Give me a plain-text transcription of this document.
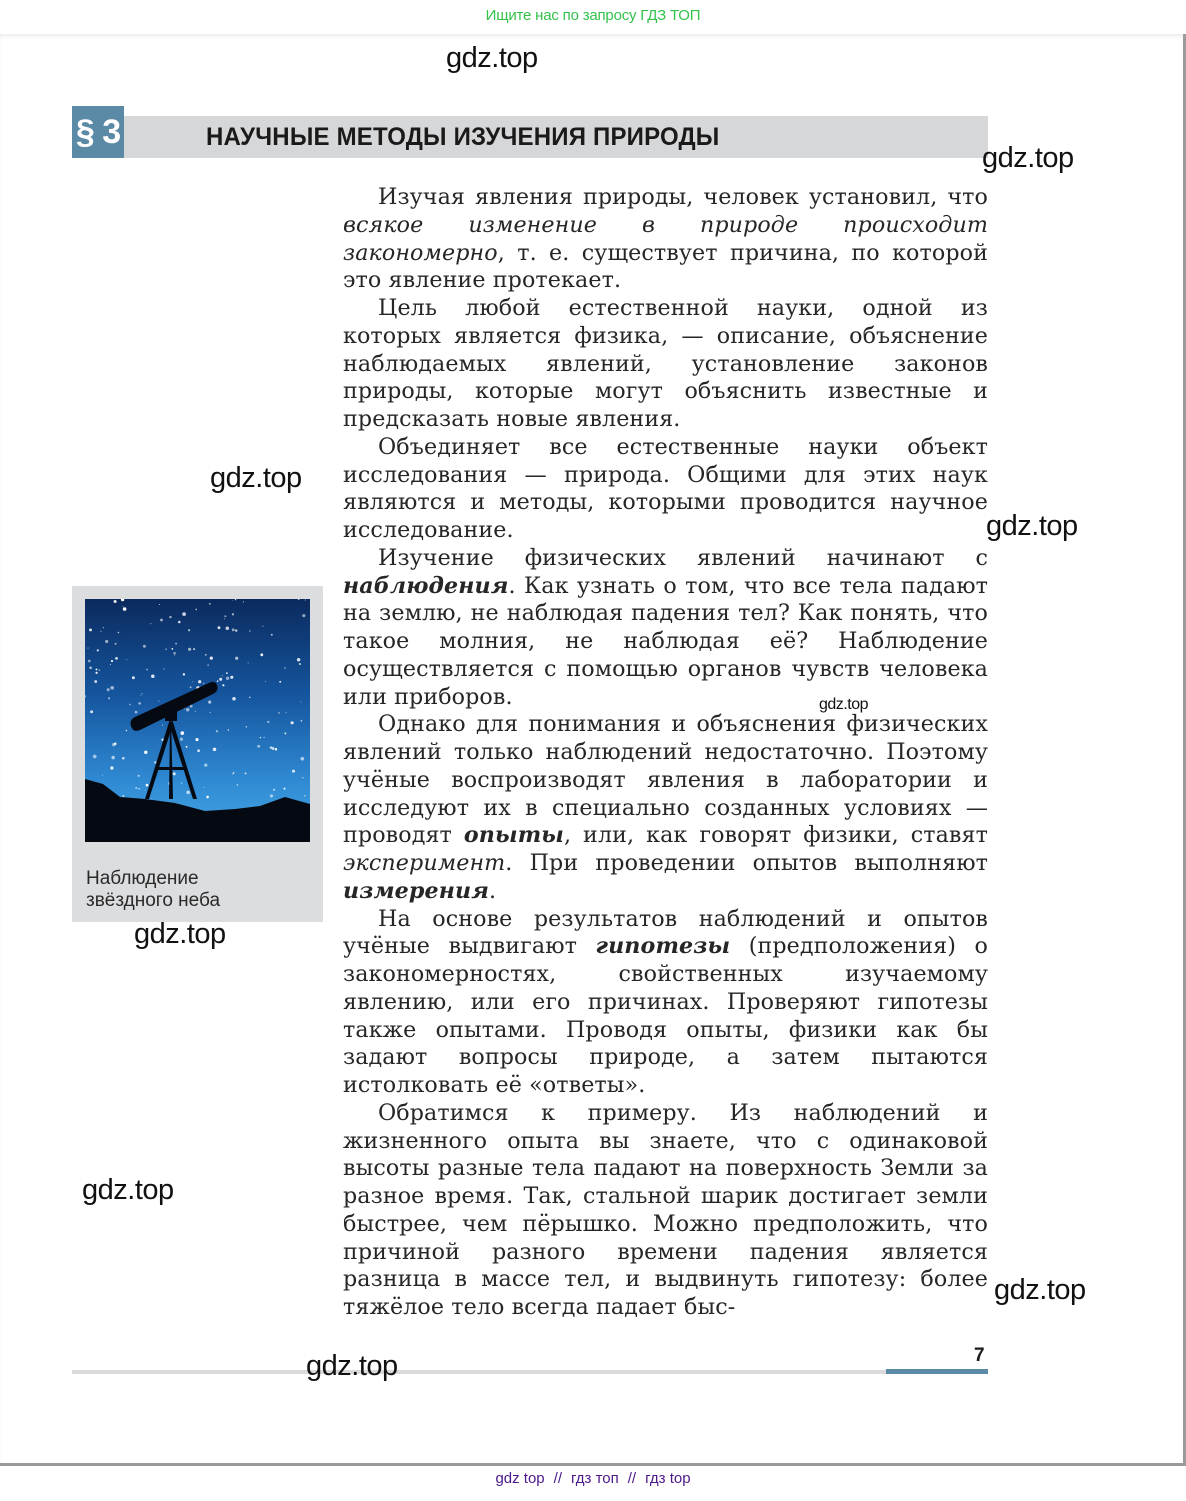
Ищите нас по запросу ГДЗ ТОП
§ 3	НАУЧНЫЕ МЕТОДЫ ИЗУЧЕНИЯ ПРИРОДЫ

Изучая явления природы, человек установил, что всякое изменение в природе происходит закономерно, т. е. существует причина, по которой это явление протекает.

Цель любой естественной науки, одной из которых является физика, — описание, объяснение наблюдаемых явлений, установление законов природы, которые могут объяснить известные и предсказать новые явления.

Объединяет все естественные науки объект исследования — природа. Общими для этих наук являются и методы, которыми проводится научное исследование.

Изучение физических явлений начинают с наблюдения. Как узнать о том, что все тела падают на землю, не наблюдая падения тел? Как понять, что такое молния, не наблюдая её? Наблюдение осуществляется с помощью органов чувств человека или приборов.

Однако для понимания и объяснения физических явлений только наблюдений недостаточно. Поэтому учёные воспроизводят явления в лаборатории и исследуют их в специально созданных условиях — проводят опыты, или, как говорят физики, ставят эксперимент. При проведении опытов выполняют измерения.

На основе результатов наблюдений и опытов учёные выдвигают гипотезы (предположения) о закономерностях, свойственных изучаемому явлению, или его причинах. Проверяют гипотезы также опытами. Проводя опыты, физики как бы задают вопросы природе, а затем пытаются истолковать её «ответы».

Обратимся к примеру. Из наблюдений и жизненного опыта вы знаете, что с одинаковой высоты разные тела падают на поверхность Земли за разное время. Так, стальной шарик достигает земли быстрее, чем пёрышко. Можно предположить, что причиной разного времени падения является разница в массе тел, и выдвинуть гипотезу: более тяжёлое тело всегда падает быс-

Наблюдение
звёздного неба
7
gdz.top
gdz.top
gdz.top
gdz.top
gdz.top
gdz.top
gdz.top
gdz.top
gdz.top
gdz top // гдз топ // гдз top
